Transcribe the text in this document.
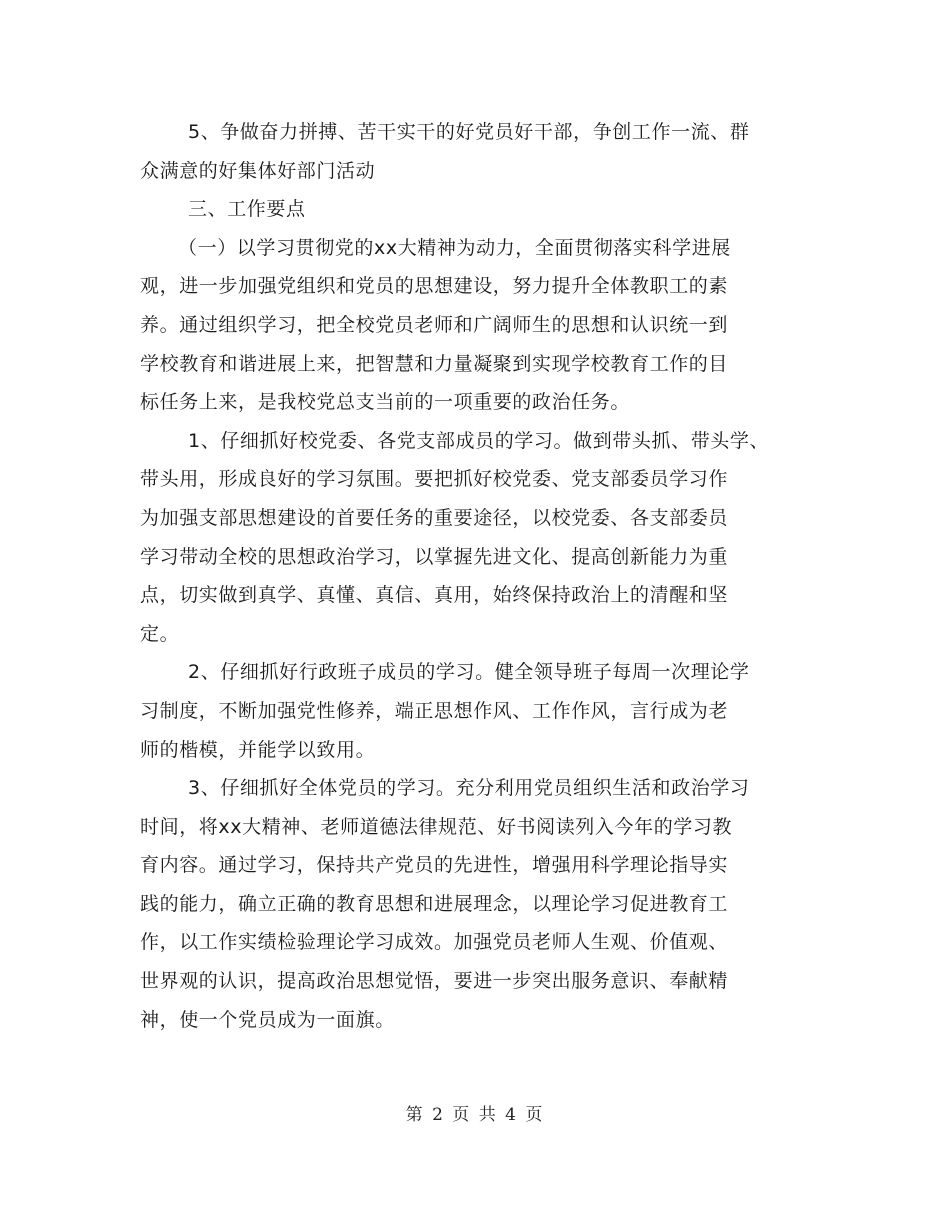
5、争做奋力拼搏、苦干实干的好党员好干部，争创工作一流、群
众满意的好集体好部门活动
三、工作要点
（一）以学习贯彻党的xx大精神为动力，全面贯彻落实科学进展
观，进一步加强党组织和党员的思想建设，努力提升全体教职工的素
养。通过组织学习，把全校党员老师和广阔师生的思想和认识统一到
学校教育和谐进展上来，把智慧和力量凝聚到实现学校教育工作的目
标任务上来，是我校党总支当前的一项重要的政治任务。
1、仔细抓好校党委、各党支部成员的学习。做到带头抓、带头学、
带头用，形成良好的学习氛围。要把抓好校党委、党支部委员学习作
为加强支部思想建设的首要任务的重要途径，以校党委、各支部委员
学习带动全校的思想政治学习，以掌握先进文化、提高创新能力为重
点，切实做到真学、真懂、真信、真用，始终保持政治上的清醒和坚
定。
2、仔细抓好行政班子成员的学习。健全领导班子每周一次理论学
习制度，不断加强党性修养，端正思想作风、工作作风，言行成为老
师的楷模，并能学以致用。
3、仔细抓好全体党员的学习。充分利用党员组织生活和政治学习
时间，将xx大精神、老师道德法律规范、好书阅读列入今年的学习教
育内容。通过学习，保持共产党员的先进性，增强用科学理论指导实
践的能力，确立正确的教育思想和进展理念，以理论学习促进教育工
作，以工作实绩检验理论学习成效。加强党员老师人生观、价值观、
世界观的认识，提高政治思想觉悟，要进一步突出服务意识、奉献精
神，使一个党员成为一面旗。
第 2 页 共 4 页
